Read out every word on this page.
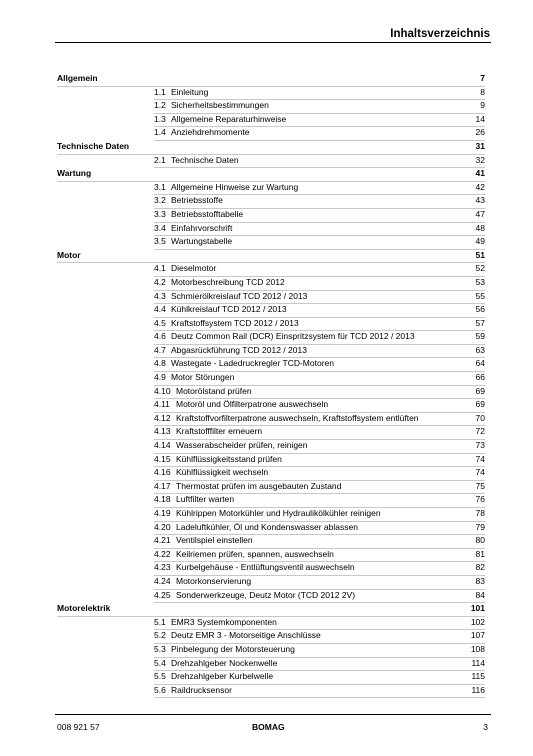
Inhaltsverzeichnis
Allgemein	7
1.1 Einleitung	8
1.2 Sicherheitsbestimmungen	9
1.3 Allgemeine Reparaturhinweise	14
1.4 Anziehdrehmomente	26
Technische Daten	31
2.1 Technische Daten	32
Wartung	41
3.1 Allgemeine Hinweise zur Wartung	42
3.2 Betriebsstoffe	43
3.3 Betriebsstofftabelle	47
3.4 Einfahrvorschrift	48
3.5 Wartungstabelle	49
Motor	51
4.1 Dieselmotor	52
4.2 Motorbeschreibung TCD 2012	53
4.3 Schmierölkreislauf TCD 2012 / 2013	55
4.4 Kühlkreislauf TCD 2012 / 2013	56
4.5 Kraftstoffsystem TCD 2012 / 2013	57
4.6 Deutz Common Rail (DCR) Einspritzsystem für TCD 2012 / 2013	59
4.7 Abgasrückführung TCD 2012 / 2013	63
4.8 Wastegate - Ladedruckregler TCD-Motoren	64
4.9 Motor Störungen	66
4.10 Motorölstand prüfen	69
4.11 Motoröl und Ölfilterpatrone auswechseln	69
4.12 Kraftstoffvorfilterpatrone auswechseln, Kraftstoffsystem entlüften	70
4.13 Kraftstofffilter erneuern	72
4.14 Wasserabscheider prüfen, reinigen	73
4.15 Kühlflüssigkeitsstand prüfen	74
4.16 Kühlflüssigkeit wechseln	74
4.17 Thermostat prüfen im ausgebauten Zustand	75
4.18 Luftfilter warten	76
4.19 Kühlrippen Motorkühler und Hydraulikölkühler reinigen	78
4.20 Ladeluftkühler, Öl und Kondenswasser ablassen	79
4.21 Ventilspiel einstellen	80
4.22 Keilriemen prüfen, spannen, auswechseln	81
4.23 Kurbelgehäuse - Entlüftungsventil auswechseln	82
4.24 Motorkonservierung	83
4.25 Sonderwerkzeuge, Deutz Motor (TCD 2012 2V)	84
Motorelektrik	101
5.1 EMR3 Systemkomponenten	102
5.2 Deutz EMR 3 - Motorseitige Anschlüsse	107
5.3 Pinbelegung der Motorsteuerung	108
5.4 Drehzahlgeber Nockenwelle	114
5.5 Drehzahlgeber Kurbelwelle	115
5.6 Raildrucksensor	116
008 921 57	BOMAG	3
